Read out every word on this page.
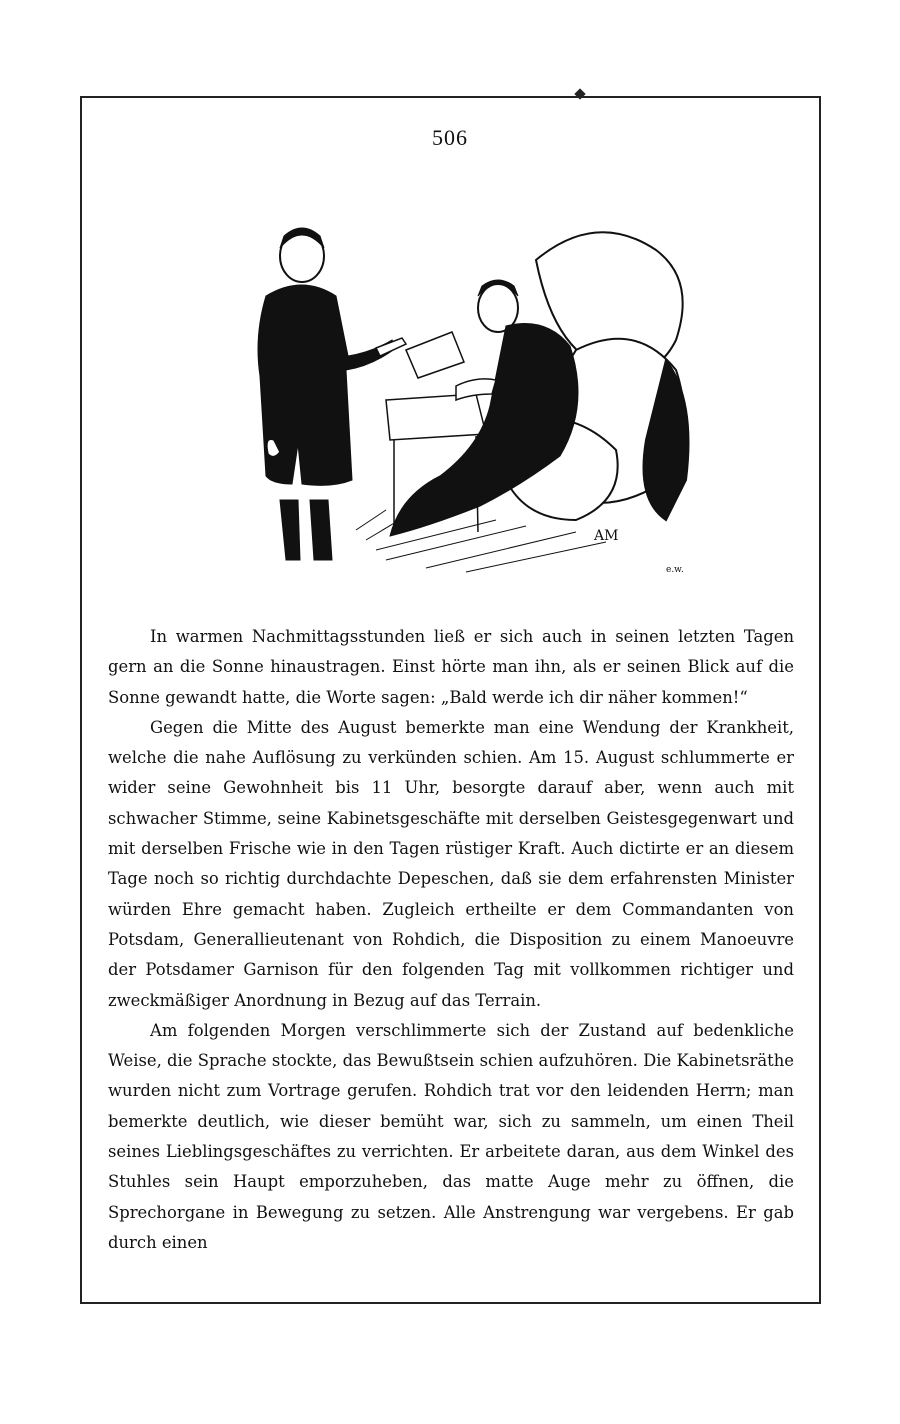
506
AM
e.w.

In warmen Nachmittagsstunden ließ er sich auch in seinen letzten Tagen gern an die Sonne hinaustragen. Einst hörte man ihn, als er seinen Blick auf die Sonne gewandt hatte, die Worte sagen: „Bald werde ich dir näher kommen!“

Gegen die Mitte des August bemerkte man eine Wendung der Krankheit, welche die nahe Auflösung zu verkünden schien. Am 15. August schlummerte er wider seine Gewohnheit bis 11 Uhr, besorgte darauf aber, wenn auch mit schwacher Stimme, seine Kabinetsgeschäfte mit derselben Geistesgegenwart und mit derselben Frische wie in den Tagen rüstiger Kraft. Auch dictirte er an diesem Tage noch so richtig durchdachte Depeschen, daß sie dem erfahrensten Minister würden Ehre gemacht haben. Zugleich ertheilte er dem Commandanten von Potsdam, Generallieutenant von Rohdich, die Disposition zu einem Manoeuvre der Potsdamer Garnison für den folgenden Tag mit vollkommen richtiger und zweckmäßiger Anordnung in Bezug auf das Terrain.

Am folgenden Morgen verschlimmerte sich der Zustand auf bedenkliche Weise, die Sprache stockte, das Bewußtsein schien aufzuhören. Die Kabinetsräthe wurden nicht zum Vortrage gerufen. Rohdich trat vor den leidenden Herrn; man bemerkte deutlich, wie dieser bemüht war, sich zu sammeln, um einen Theil seines Lieblingsgeschäftes zu verrichten. Er arbeitete daran, aus dem Winkel des Stuhles sein Haupt emporzuheben, das matte Auge mehr zu öffnen, die Sprechorgane in Bewegung zu setzen. Alle Anstrengung war vergebens. Er gab durch einen
